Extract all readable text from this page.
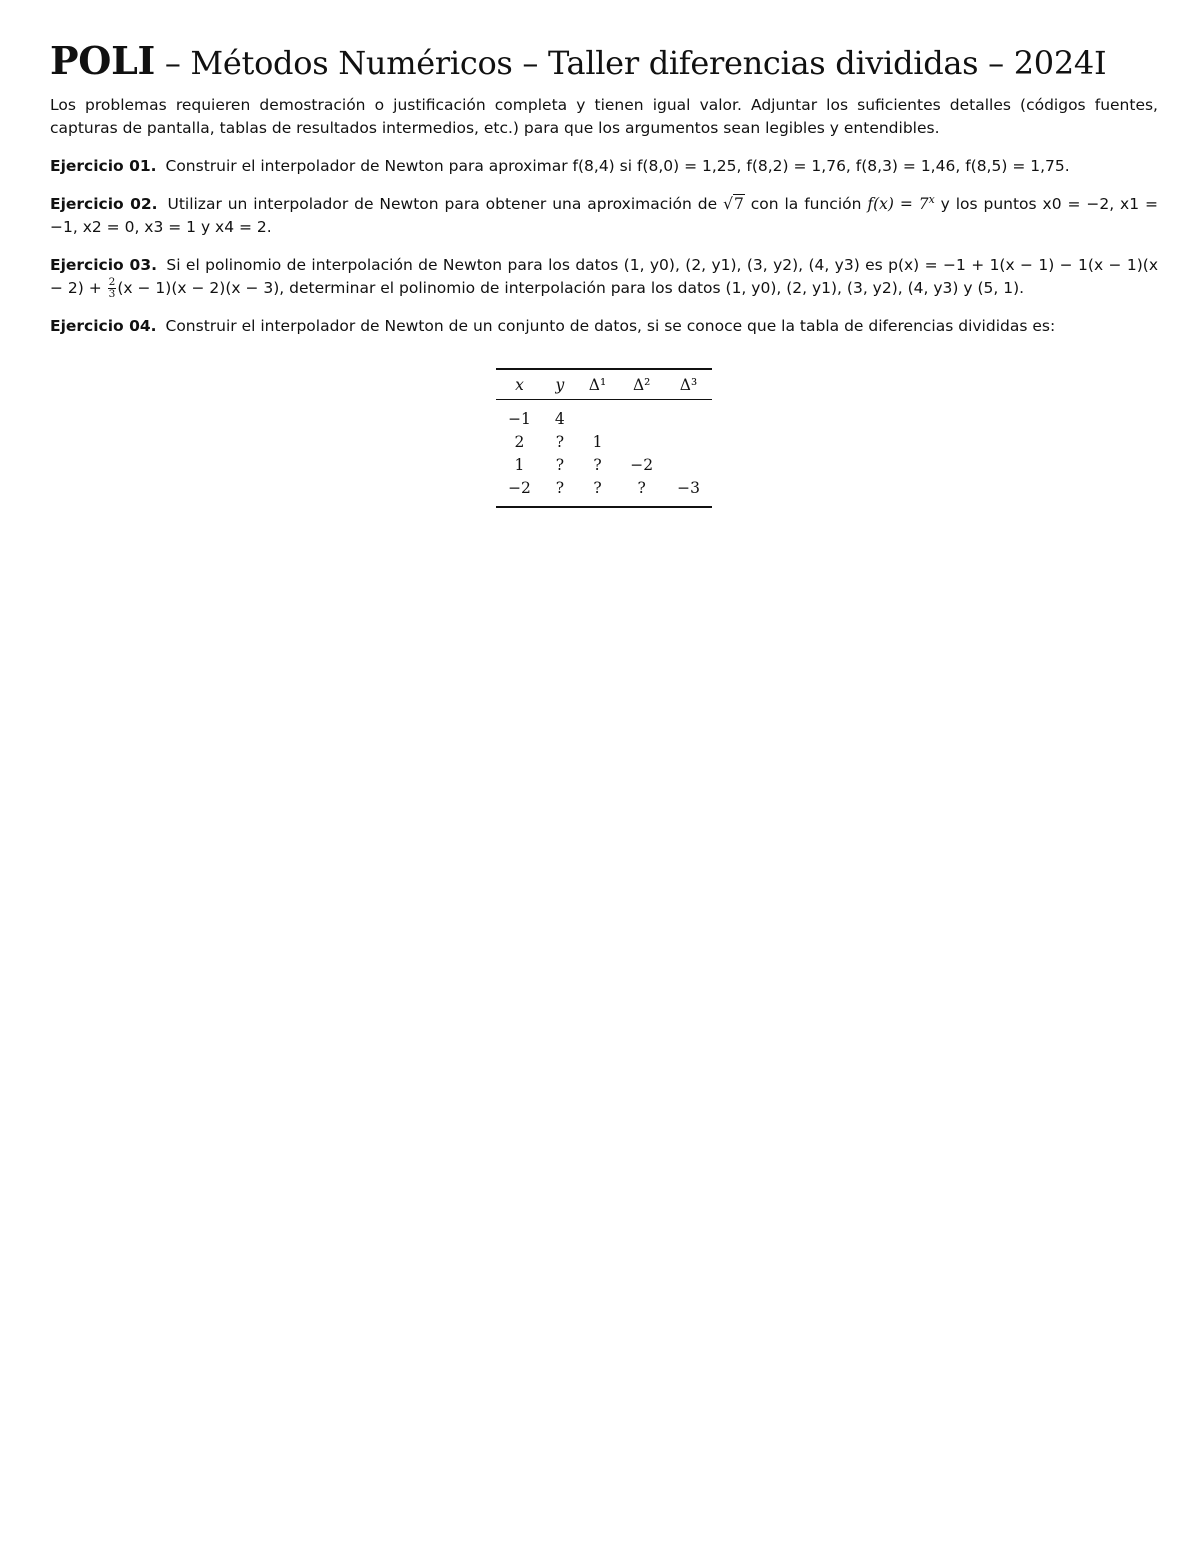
POLI – Métodos Numéricos – Taller diferencias divididas – 2024I

Los problemas requieren demostración o justificación completa y tienen igual valor. Adjuntar los suficientes detalles (códigos fuentes, capturas de pantalla, tablas de resultados intermedios, etc.) para que los argumentos sean legibles y entendibles.

Ejercicio 01. Construir el interpolador de Newton para aproximar f(8,4) si f(8,0) = 1,25, f(8,2) = 1,76, f(8,3) = 1,46, f(8,5) = 1,75.

Ejercicio 02. Utilizar un interpolador de Newton para obtener una aproximación de √7 con la función $f(x) = 7^x$ y los puntos x0 = −2, x1 = −1, x2 = 0, x3 = 1 y x4 = 2.

Ejercicio 03. Si el polinomio de interpolación de Newton para los datos (1, y0), (2, y1), (3, y2), (4, y3) es $p(x) = -1 + 1(x - 1) - 1(x - 1)(x - 2) + \frac{2}{3} (x - 1)(x - 2)(x - 3)$, determinar el polinomio de interpolación para los datos (1, y0), (2, y1), (3, y2), (4, y3) y (5, 1).

Ejercicio 04. Construir el interpolador de Newton de un conjunto de datos, si se conoce que la tabla de diferencias divididas es:

x	y	Δ¹	Δ²	Δ³
−1	4			
2	?	1		
1	?	?	−2	
−2	?	?	?	−3
